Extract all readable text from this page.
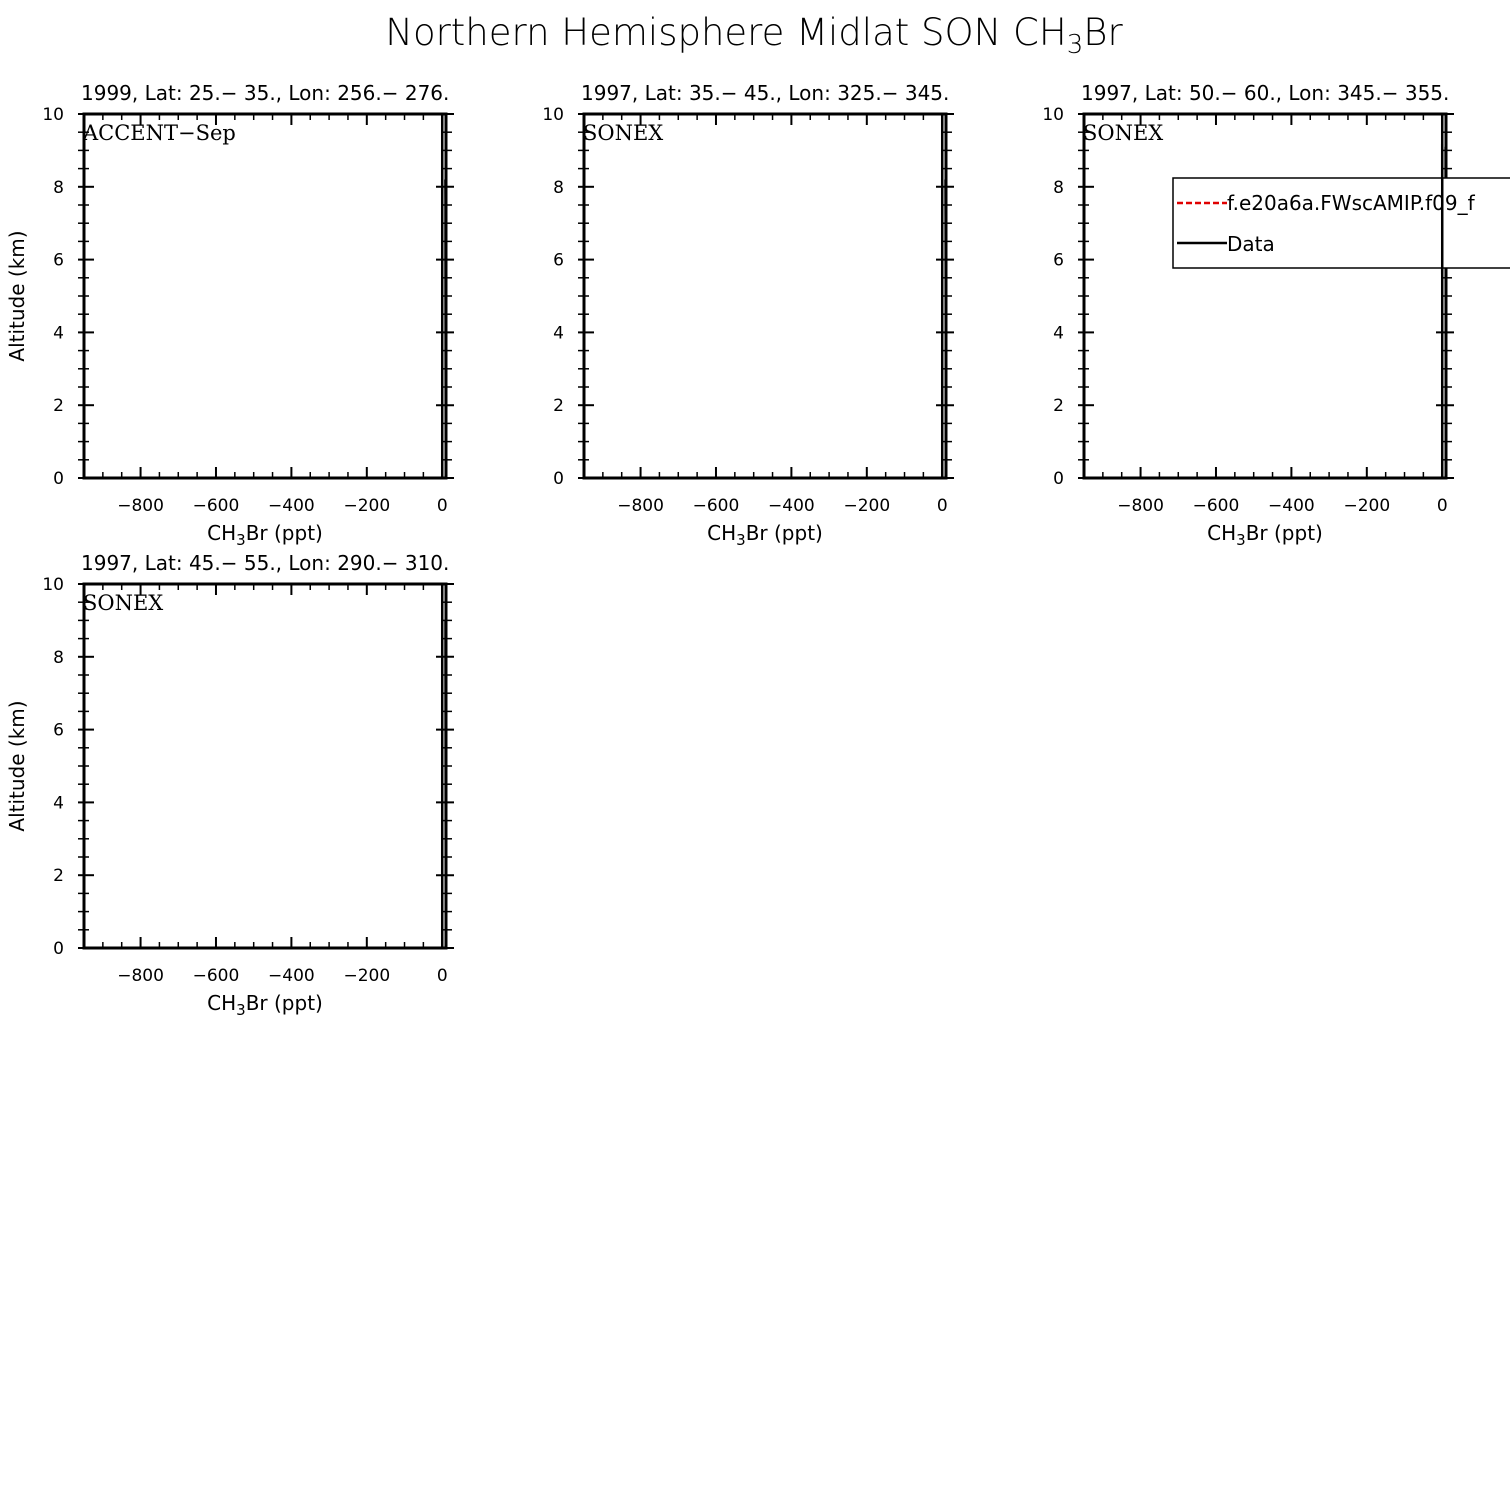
Northern Hemisphere Midlat SON $CH_3Br$
1999, Lat: 25.− 35., Lon: 256.− 276.
ACCENT−Sep
−800 −600 −400 −200	0
0
2
4
6
8
10
$CH_3Br$ (ppt)
Altitude (km)
1997, Lat: 35.− 45., Lon: 325.− 345.
SONEX
−800 −600 −400 −200	0
0
2
4
6
8
10
$CH_3Br$ (ppt)
1997, Lat: 50.− 60., Lon: 345.− 355.
SONEX
−800 −600 −400 −200	0
0
2
4
6
8
10
$CH_3Br$ (ppt)
f.e20a6a.FWscAMIP.f09_f
Data
1997, Lat: 45.− 55., Lon: 290.− 310.
SONEX
−800 −600 −400 −200	0
0
2
4
6
8
10
$CH_3Br$ (ppt)
Altitude (km)
